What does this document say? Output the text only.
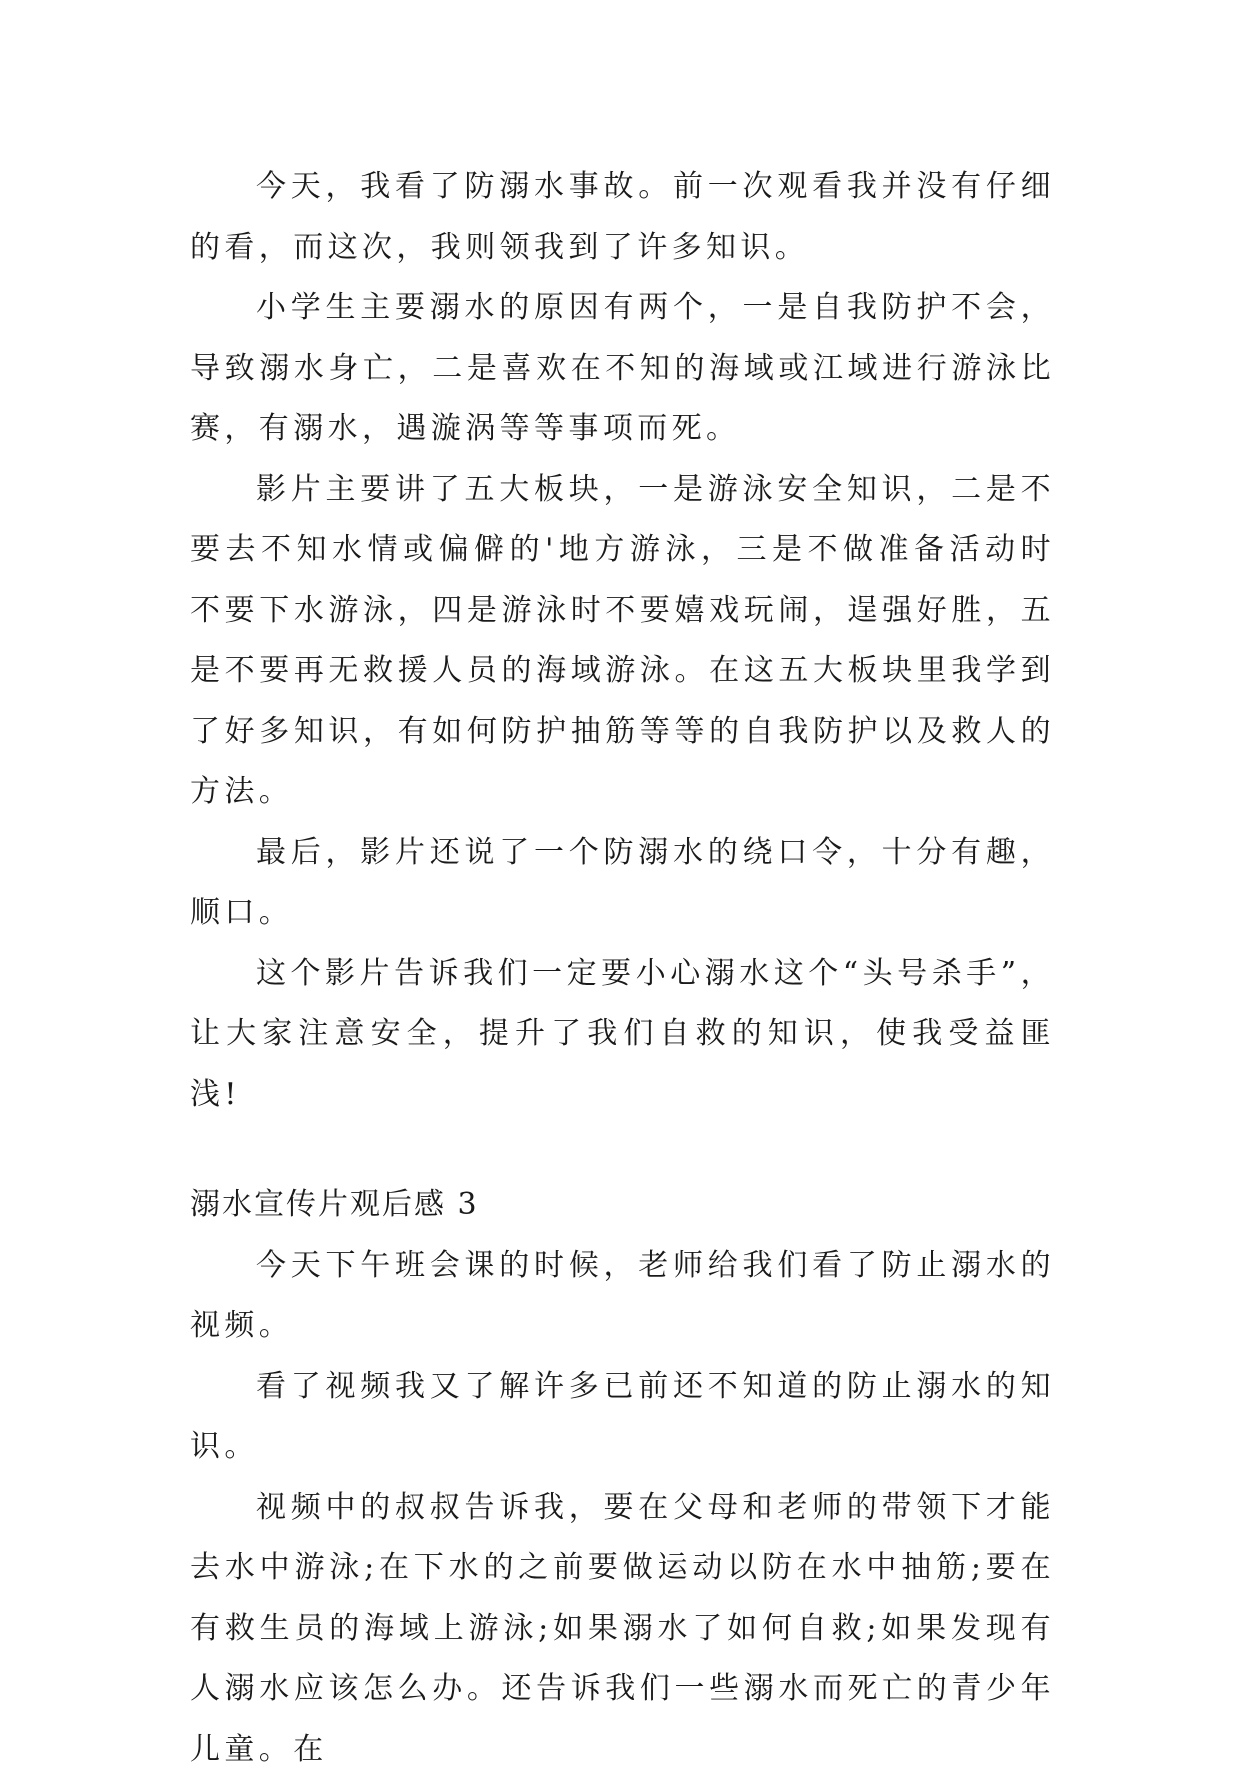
今天，我看了防溺水事故。前一次观看我并没有仔细的看，而这次，我则领我到了许多知识。

小学生主要溺水的原因有两个，一是自我防护不会，导致溺水身亡，二是喜欢在不知的海域或江域进行游泳比赛，有溺水，遇漩涡等等事项而死。

影片主要讲了五大板块，一是游泳安全知识，二是不要去不知水情或偏僻的'地方游泳，三是不做准备活动时不要下水游泳，四是游泳时不要嬉戏玩闹，逞强好胜，五是不要再无救援人员的海域游泳。在这五大板块里我学到了好多知识，有如何防护抽筋等等的自我防护以及救人的方法。

最后，影片还说了一个防溺水的绕口令，十分有趣，顺口。

这个影片告诉我们一定要小心溺水这个“头号杀手”，让大家注意安全，提升了我们自救的知识，使我受益匪浅!

溺水宣传片观后感 3

今天下午班会课的时候，老师给我们看了防止溺水的视频。

看了视频我又了解许多已前还不知道的防止溺水的知识。

视频中的叔叔告诉我，要在父母和老师的带领下才能去水中游泳;在下水的之前要做运动以防在水中抽筋;要在有救生员的海域上游泳;如果溺水了如何自救;如果发现有人溺水应该怎么办。还告诉我们一些溺水而死亡的青少年儿童。在
